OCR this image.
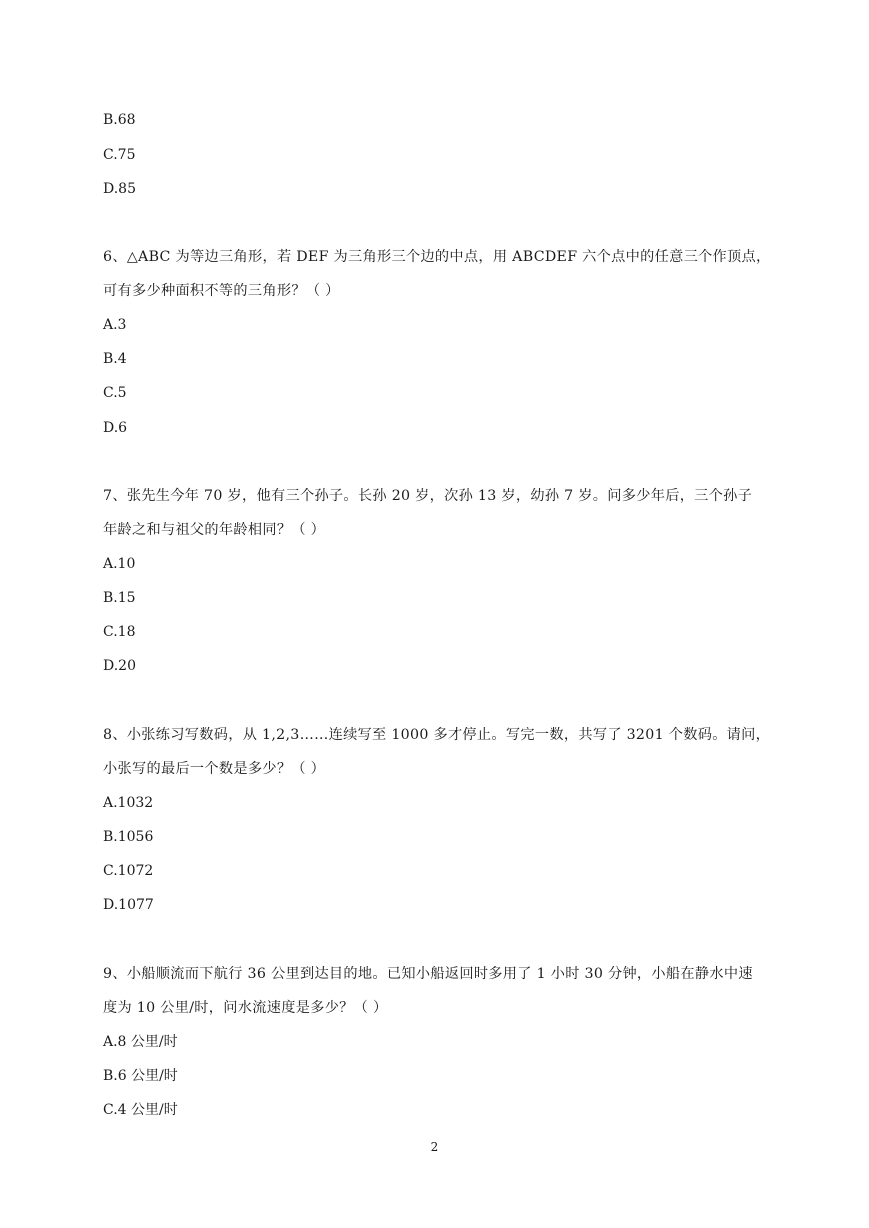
B.68
C.75
D.85
6、△ABC 为等边三角形，若 DEF 为三角形三个边的中点，用 ABCDEF 六个点中的任意三个作顶点，
可有多少种面积不等的三角形？（ ）
A.3
B.4
C.5
D.6
7、张先生今年 70 岁，他有三个孙子。长孙 20 岁，次孙 13 岁，幼孙 7 岁。问多少年后，三个孙子
年龄之和与祖父的年龄相同？（ ）
A.10
B.15
C.18
D.20
8、小张练习写数码，从 1,2,3……连续写至 1000 多才停止。写完一数，共写了 3201 个数码。请问，
小张写的最后一个数是多少？（ ）
A.1032
B.1056
C.1072
D.1077
9、小船顺流而下航行 36 公里到达目的地。已知小船返回时多用了 1 小时 30 分钟，小船在静水中速
度为 10 公里/时，问水流速度是多少？（ ）
A.8 公里/时
B.6 公里/时
C.4 公里/时
2
